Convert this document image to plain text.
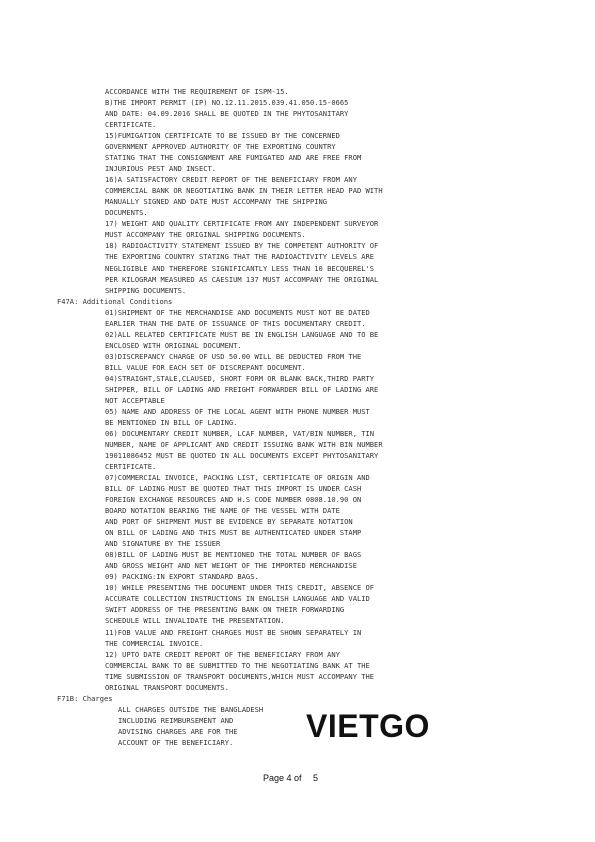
ACCORDANCE WITH THE REQUIREMENT OF ISPM-15.
B)THE IMPORT PERMIT (IP) NO.12.11.2015.039.41.050.15-0665
AND DATE: 04.09.2016 SHALL BE QUOTED IN THE PHYTOSANITARY
CERTIFICATE.
15)FUMIGATION CERTIFICATE TO BE ISSUED BY THE CONCERNED
GOVERNMENT APPROVED AUTHORITY OF THE EXPORTING COUNTRY
STATING THAT THE CONSIGNMENT ARE FUMIGATED AND ARE FREE FROM
INJURIOUS PEST AND INSECT.
16)A SATISFACTORY CREDIT REPORT OF THE BENEFICIARY FROM ANY
COMMERCIAL BANK OR NEGOTIATING BANK IN THEIR LETTER HEAD PAD WITH
MANUALLY SIGNED AND DATE MUST ACCOMPANY THE SHIPPING
DOCUMENTS.
17) WEIGHT AND QUALITY CERTIFICATE FROM ANY INDEPENDENT SURVEYOR
MUST ACCOMPANY THE ORIGINAL SHIPPING DOCUMENTS.
18) RADIOACTIVITY STATEMENT ISSUED BY THE COMPETENT AUTHORITY OF
THE EXPORTING COUNTRY STATING THAT THE RADIOACTIVITY LEVELS ARE
NEGLIGIBLE AND THEREFORE SIGNIFICANTLY LESS THAN 10 BECQUEREL'S
PER KILOGRAM MEASURED AS CAESIUM 137 MUST ACCOMPANY THE ORIGINAL
SHIPPING DOCUMENTS.
F47A: Additional Conditions
01)SHIPMENT OF THE MERCHANDISE AND DOCUMENTS MUST NOT BE DATED
EARLIER THAN THE DATE OF ISSUANCE OF THIS DOCUMENTARY CREDIT.
02)ALL RELATED CERTIFICATE MUST BE IN ENGLISH LANGUAGE AND TO BE
ENCLOSED WITH ORIGINAL DOCUMENT.
03)DISCREPANCY CHARGE OF USD 50.00 WILL BE DEDUCTED FROM THE
BILL VALUE FOR EACH SET OF DISCREPANT DOCUMENT.
04)STRAIGHT,STALE,CLAUSED, SHORT FORM OR BLANK BACK,THIRD PARTY
SHIPPER, BILL OF LADING AND FREIGHT FORWARDER BILL OF LADING ARE
NOT ACCEPTABLE
05) NAME AND ADDRESS OF THE LOCAL AGENT WITH PHONE NUMBER MUST
BE MENTIONED IN BILL OF LADING.
06) DOCUMENTARY CREDIT NUMBER, LCAF NUMBER, VAT/BIN NUMBER, TIN
NUMBER, NAME OF APPLICANT AND CREDIT ISSUING BANK WITH BIN NUMBER
19011086452 MUST BE QUOTED IN ALL DOCUMENTS EXCEPT PHYTOSANITARY
CERTIFICATE.
07)COMMERCIAL INVOICE, PACKING LIST, CERTIFICATE OF ORIGIN AND
BILL OF LADING MUST BE QUOTED THAT THIS IMPORT IS UNDER CASH
FOREIGN EXCHANGE RESOURCES AND H.S CODE NUMBER 0808.10.90 ON
BOARD NOTATION BEARING THE NAME OF THE VESSEL WITH DATE
AND PORT OF SHIPMENT MUST BE EVIDENCE BY SEPARATE NOTATION
ON BILL OF LADING AND THIS MUST BE AUTHENTICATED UNDER STAMP
AND SIGNATURE BY THE ISSUER
08)BILL OF LADING MUST BE MENTIONED THE TOTAL NUMBER OF BAGS
AND GROSS WEIGHT AND NET WEIGHT OF THE IMPORTED MERCHANDISE
09) PACKING:IN EXPORT STANDARD BAGS.
10) WHILE PRESENTING THE DOCUMENT UNDER THIS CREDIT, ABSENCE OF
ACCURATE COLLECTION INSTRUCTIONS IN ENGLISH LANGUAGE AND VALID
SWIFT ADDRESS OF THE PRESENTING BANK ON THEIR FORWARDING
SCHEDULE WILL INVALIDATE THE PRESENTATION.
11)FOB VALUE AND FREIGHT CHARGES MUST BE SHOWN SEPARATELY IN
THE COMMERCIAL INVOICE.
12) UPTO DATE CREDIT REPORT OF THE BENEFICIARY FROM ANY
COMMERCIAL BANK TO BE SUBMITTED TO THE NEGOTIATING BANK AT THE
TIME SUBMISSION OF TRANSPORT DOCUMENTS,WHICH MUST ACCOMPANY THE
ORIGINAL TRANSPORT DOCUMENTS.
F71B: Charges
ALL CHARGES OUTSIDE THE BANGLADESH
INCLUDING REIMBURSEMENT AND
ADVISING CHARGES ARE FOR THE
ACCOUNT OF THE BENEFICIARY. VIETGO
Page 4 of 5
